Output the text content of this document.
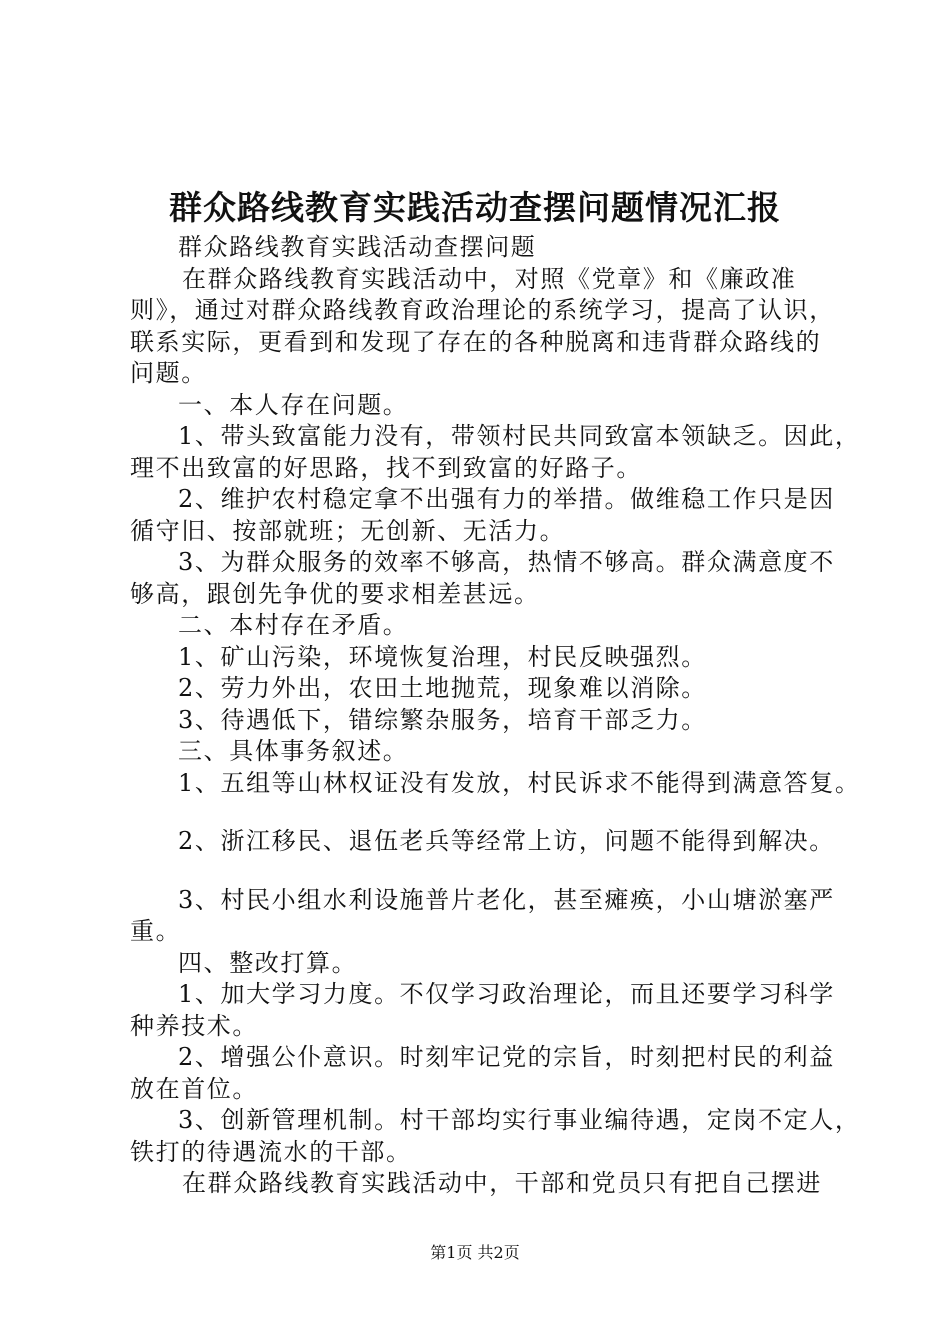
群众路线教育实践活动查摆问题情况汇报
群众路线教育实践活动查摆问题
在群众路线教育实践活动中，对照《党章》和《廉政准
则》，通过对群众路线教育政治理论的系统学习，提高了认识，
联系实际，更看到和发现了存在的各种脱离和违背群众路线的
问题。
一、本人存在问题。
1、带头致富能力没有，带领村民共同致富本领缺乏。因此，
理不出致富的好思路，找不到致富的好路子。
2、维护农村稳定拿不出强有力的举措。做维稳工作只是因
循守旧、按部就班；无创新、无活力。
3、为群众服务的效率不够高，热情不够高。群众满意度不
够高，跟创先争优的要求相差甚远。
二、本村存在矛盾。
1、矿山污染，环境恢复治理，村民反映强烈。
2、劳力外出，农田土地抛荒，现象难以消除。
3、待遇低下，错综繁杂服务，培育干部乏力。
三、具体事务叙述。
1、五组等山林权证没有发放，村民诉求不能得到满意答复。
2、浙江移民、退伍老兵等经常上访，问题不能得到解决。
3、村民小组水利设施普片老化，甚至瘫痪，小山塘淤塞严
重。
四、整改打算。
1、加大学习力度。不仅学习政治理论，而且还要学习科学
种养技术。
2、增强公仆意识。时刻牢记党的宗旨，时刻把村民的利益
放在首位。
3、创新管理机制。村干部均实行事业编待遇，定岗不定人，
铁打的待遇流水的干部。
在群众路线教育实践活动中，干部和党员只有把自己摆进
第1页 共2页
